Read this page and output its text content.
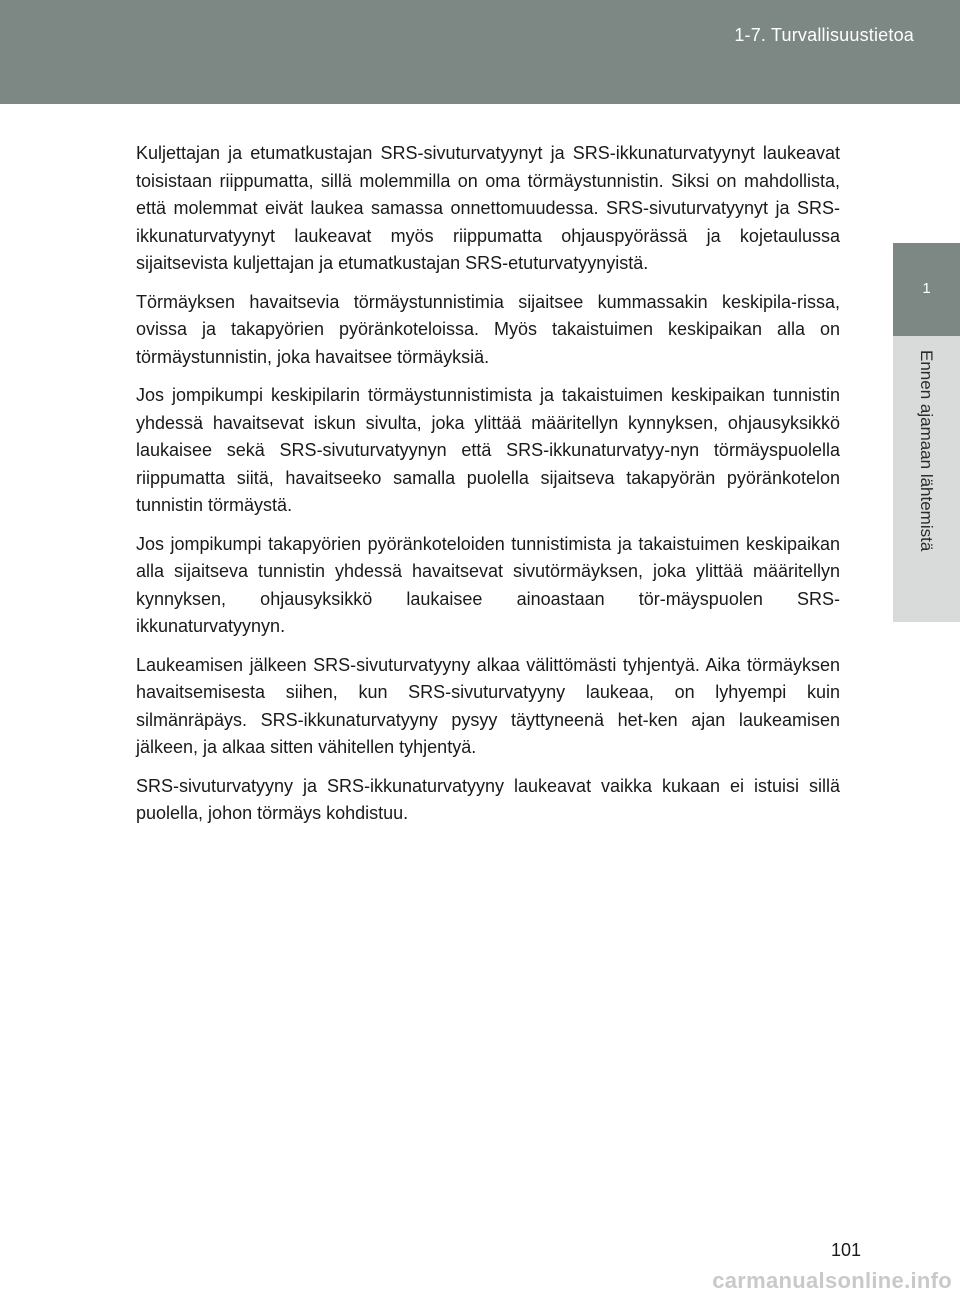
1-7. Turvallisuustietoa
1
Ennen ajamaan lähtemistä

Kuljettajan ja etumatkustajan SRS-sivuturvatyynyt ja SRS-ikkunaturvatyynyt laukeavat toisistaan riippumatta, sillä molemmilla on oma törmäystunnistin. Siksi on mahdollista, että molemmat eivät laukea samassa onnettomuudessa. SRS-sivuturvatyynyt ja SRS-ikkunaturvatyynyt laukeavat myös riippumatta ohjauspyörässä ja kojetaulussa sijaitsevista kuljettajan ja etumatkustajan SRS-etuturvatyynyistä.

Törmäyksen havaitsevia törmäystunnistimia sijaitsee kummassakin keskipila-rissa, ovissa ja takapyörien pyöränkoteloissa. Myös takaistuimen keskipaikan alla on törmäystunnistin, joka havaitsee törmäyksiä.

Jos jompikumpi keskipilarin törmäystunnistimista ja takaistuimen keskipaikan tunnistin yhdessä havaitsevat iskun sivulta, joka ylittää määritellyn kynnyksen, ohjausyksikkö laukaisee sekä SRS-sivuturvatyynyn että SRS-ikkunaturvatyy-nyn törmäyspuolella riippumatta siitä, havaitseeko samalla puolella sijaitseva takapyörän pyöränkotelon tunnistin törmäystä.

Jos jompikumpi takapyörien pyöränkoteloiden tunnistimista ja takaistuimen keskipaikan alla sijaitseva tunnistin yhdessä havaitsevat sivutörmäyksen, joka ylittää määritellyn kynnyksen, ohjausyksikkö laukaisee ainoastaan tör-mäyspuolen SRS-ikkunaturvatyynyn.

Laukeamisen jälkeen SRS-sivuturvatyyny alkaa välittömästi tyhjentyä. Aika törmäyksen havaitsemisesta siihen, kun SRS-sivuturvatyyny laukeaa, on lyhyempi kuin silmänräpäys. SRS-ikkunaturvatyyny pysyy täyttyneenä het-ken ajan laukeamisen jälkeen, ja alkaa sitten vähitellen tyhjentyä.

SRS-sivuturvatyyny ja SRS-ikkunaturvatyyny laukeavat vaikka kukaan ei istuisi sillä puolella, johon törmäys kohdistuu.

101
carmanualsonline.info
